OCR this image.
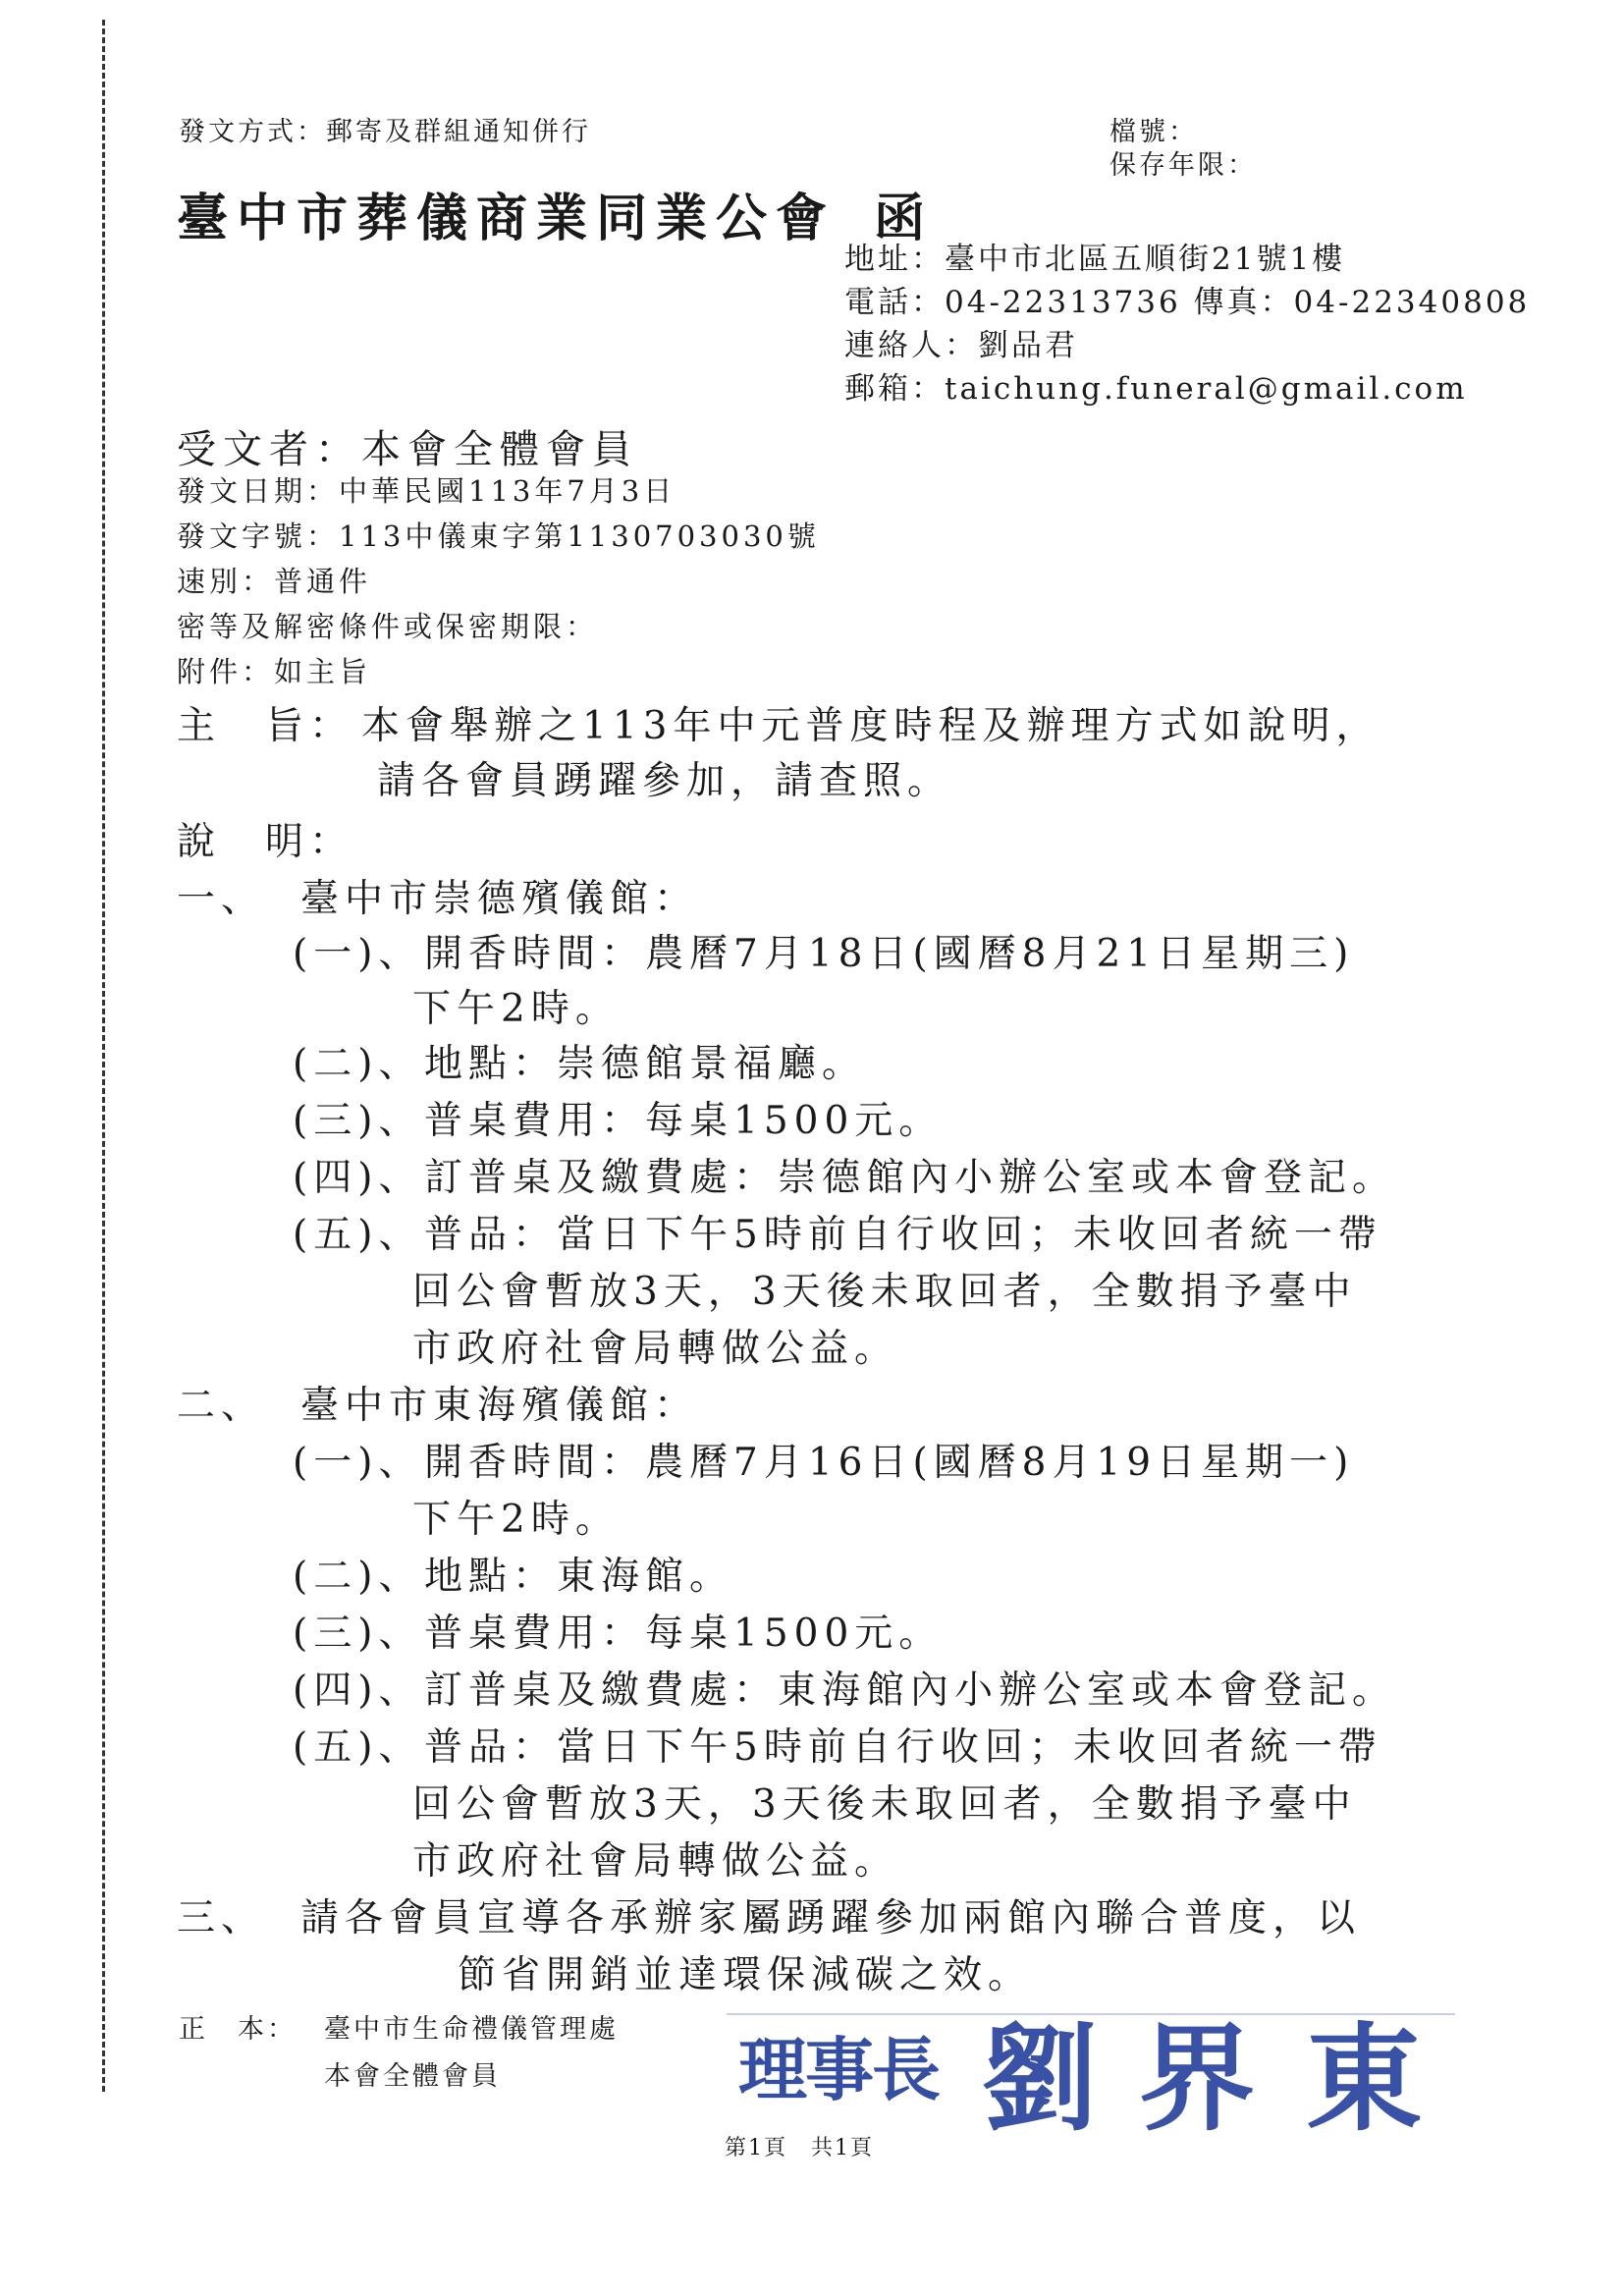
發文方式：郵寄及群組通知併行	檔號：
保存年限：
臺中市葬儀商業同業公會 函
地址：臺中市北區五順街21號1樓
電話：04-22313736 傳真：04-22340808
連絡人：劉品君
郵箱：taichung.funeral@gmail.com
受文者：本會全體會員
發文日期：中華民國113年7月3日
發文字號：113中儀東字第1130703030號
速別：普通件
密等及解密條件或保密期限：
附件：如主旨
主　旨： 本會舉辦之113年中元普度時程及辦理方式如說明，
請各會員踴躍參加，請查照。
說　明：
一、 臺中市崇德殯儀館：
(一)、 開香時間：農曆7月18日(國曆8月21日星期三)
下午2時。
(二)、 地點：崇德館景福廳。
(三)、 普桌費用：每桌1500元。
(四)、 訂普桌及繳費處：崇德館內小辦公室或本會登記。
(五)、 普品：當日下午5時前自行收回；未收回者統一帶
回公會暫放3天，3天後未取回者，全數捐予臺中
市政府社會局轉做公益。
二、 臺中市東海殯儀館：
(一)、 開香時間：農曆7月16日(國曆8月19日星期一)
下午2時。
(二)、 地點：東海館。
(三)、 普桌費用：每桌1500元。
(四)、 訂普桌及繳費處：東海館內小辦公室或本會登記。
(五)、 普品：當日下午5時前自行收回；未收回者統一帶
回公會暫放3天，3天後未取回者，全數捐予臺中
市政府社會局轉做公益。
三、 請各會員宣導各承辦家屬踴躍參加兩館內聯合普度，以
節省開銷並達環保減碳之效。
正　本： 臺中市生命禮儀管理處
本會全體會員	理事長 劉 界 東
第1頁　共1頁
